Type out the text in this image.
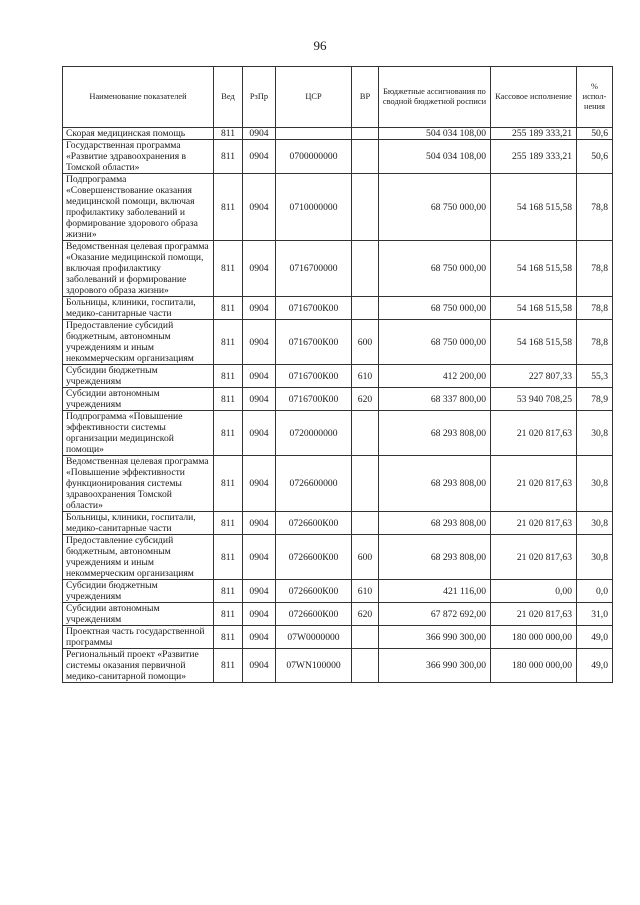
96
Наименование показателей	Вед	РзПр	ЦСР	ВР	Бюджетные ассигнования по сводной бюджетной росписи	Кассовое исполнение	% испол-нения
Скорая медицинская помощь	811	0904			504 034 108,00	255 189 333,21	50,6
Государственная программа «Развитие здравоохранения в Томской области»	811	0904	0700000000		504 034 108,00	255 189 333,21	50,6
Подпрограмма «Совершенствование оказания медицинской помощи, включая профилактику заболеваний и формирование здорового образа жизни»	811	0904	0710000000		68 750 000,00	54 168 515,58	78,8
Ведомственная целевая программа «Оказание медицинской помощи, включая профилактику заболеваний и формирование здорового образа жизни»	811	0904	0716700000		68 750 000,00	54 168 515,58	78,8
Больницы, клиники, госпитали, медико-санитарные части	811	0904	0716700К00		68 750 000,00	54 168 515,58	78,8
Предоставление субсидий бюджетным, автономным учреждениям и иным некоммерческим организациям	811	0904	0716700К00	600	68 750 000,00	54 168 515,58	78,8
Субсидии бюджетным учреждениям	811	0904	0716700К00	610	412 200,00	227 807,33	55,3
Субсидии автономным учреждениям	811	0904	0716700К00	620	68 337 800,00	53 940 708,25	78,9
Подпрограмма «Повышение эффективности системы организации медицинской помощи»	811	0904	0720000000		68 293 808,00	21 020 817,63	30,8
Ведомственная целевая программа «Повышение эффективности функционирования системы здравоохранения Томской области»	811	0904	0726600000		68 293 808,00	21 020 817,63	30,8
Больницы, клиники, госпитали, медико-санитарные части	811	0904	0726600К00		68 293 808,00	21 020 817,63	30,8
Предоставление субсидий бюджетным, автономным учреждениям и иным некоммерческим организациям	811	0904	0726600К00	600	68 293 808,00	21 020 817,63	30,8
Субсидии бюджетным учреждениям	811	0904	0726600К00	610	421 116,00	0,00	0,0
Субсидии автономным учреждениям	811	0904	0726600К00	620	67 872 692,00	21 020 817,63	31,0
Проектная часть государственной программы	811	0904	07W0000000		366 990 300,00	180 000 000,00	49,0
Региональный проект «Развитие системы оказания первичной медико-санитарной помощи»	811	0904	07WN100000		366 990 300,00	180 000 000,00	49,0
